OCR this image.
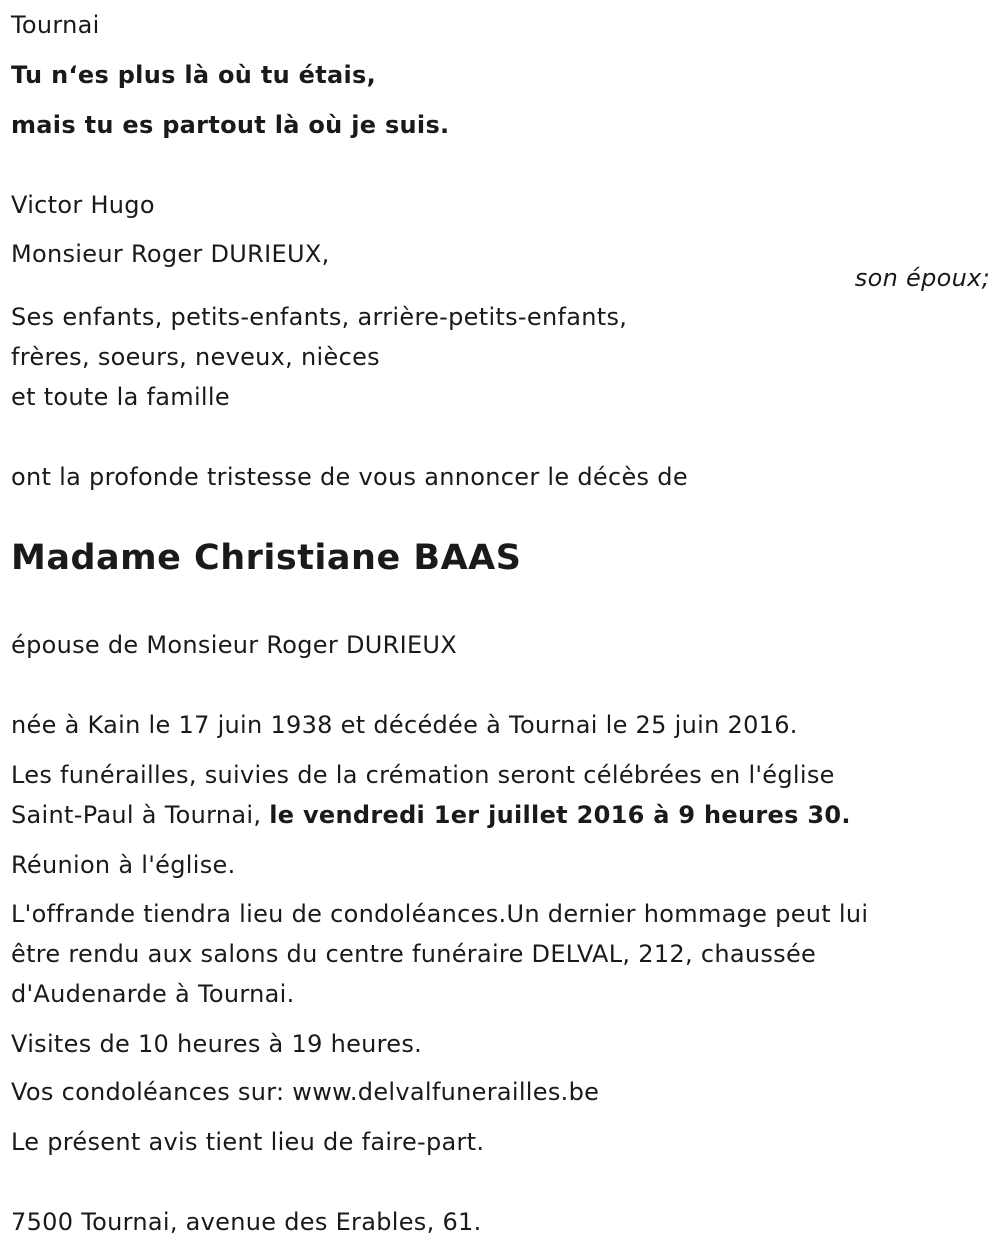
Tournai
Tu n‘es plus là où tu étais,
mais tu es partout là où je suis.
Victor Hugo
Monsieur Roger DURIEUX,
son époux;
Ses enfants, petits-enfants, arrière-petits-enfants,
frères, soeurs, neveux, nièces
et toute la famille
ont la profonde tristesse de vous annoncer le décès de
Madame Christiane BAAS
épouse de Monsieur Roger DURIEUX
née à Kain le 17 juin 1938 et décédée à Tournai le 25 juin 2016.
Les funérailles, suivies de la crémation seront célébrées en l'église
Saint-Paul à Tournai, le vendredi 1er juillet 2016 à 9 heures 30.
Réunion à l'église.
L'offrande tiendra lieu de condoléances.Un dernier hommage peut lui
être rendu aux salons du centre funéraire DELVAL, 212, chaussée
d'Audenarde à Tournai.
Visites de 10 heures à 19 heures.
Vos condoléances sur: www.delvalfunerailles.be
Le présent avis tient lieu de faire-part.
7500 Tournai, avenue des Erables, 61.
